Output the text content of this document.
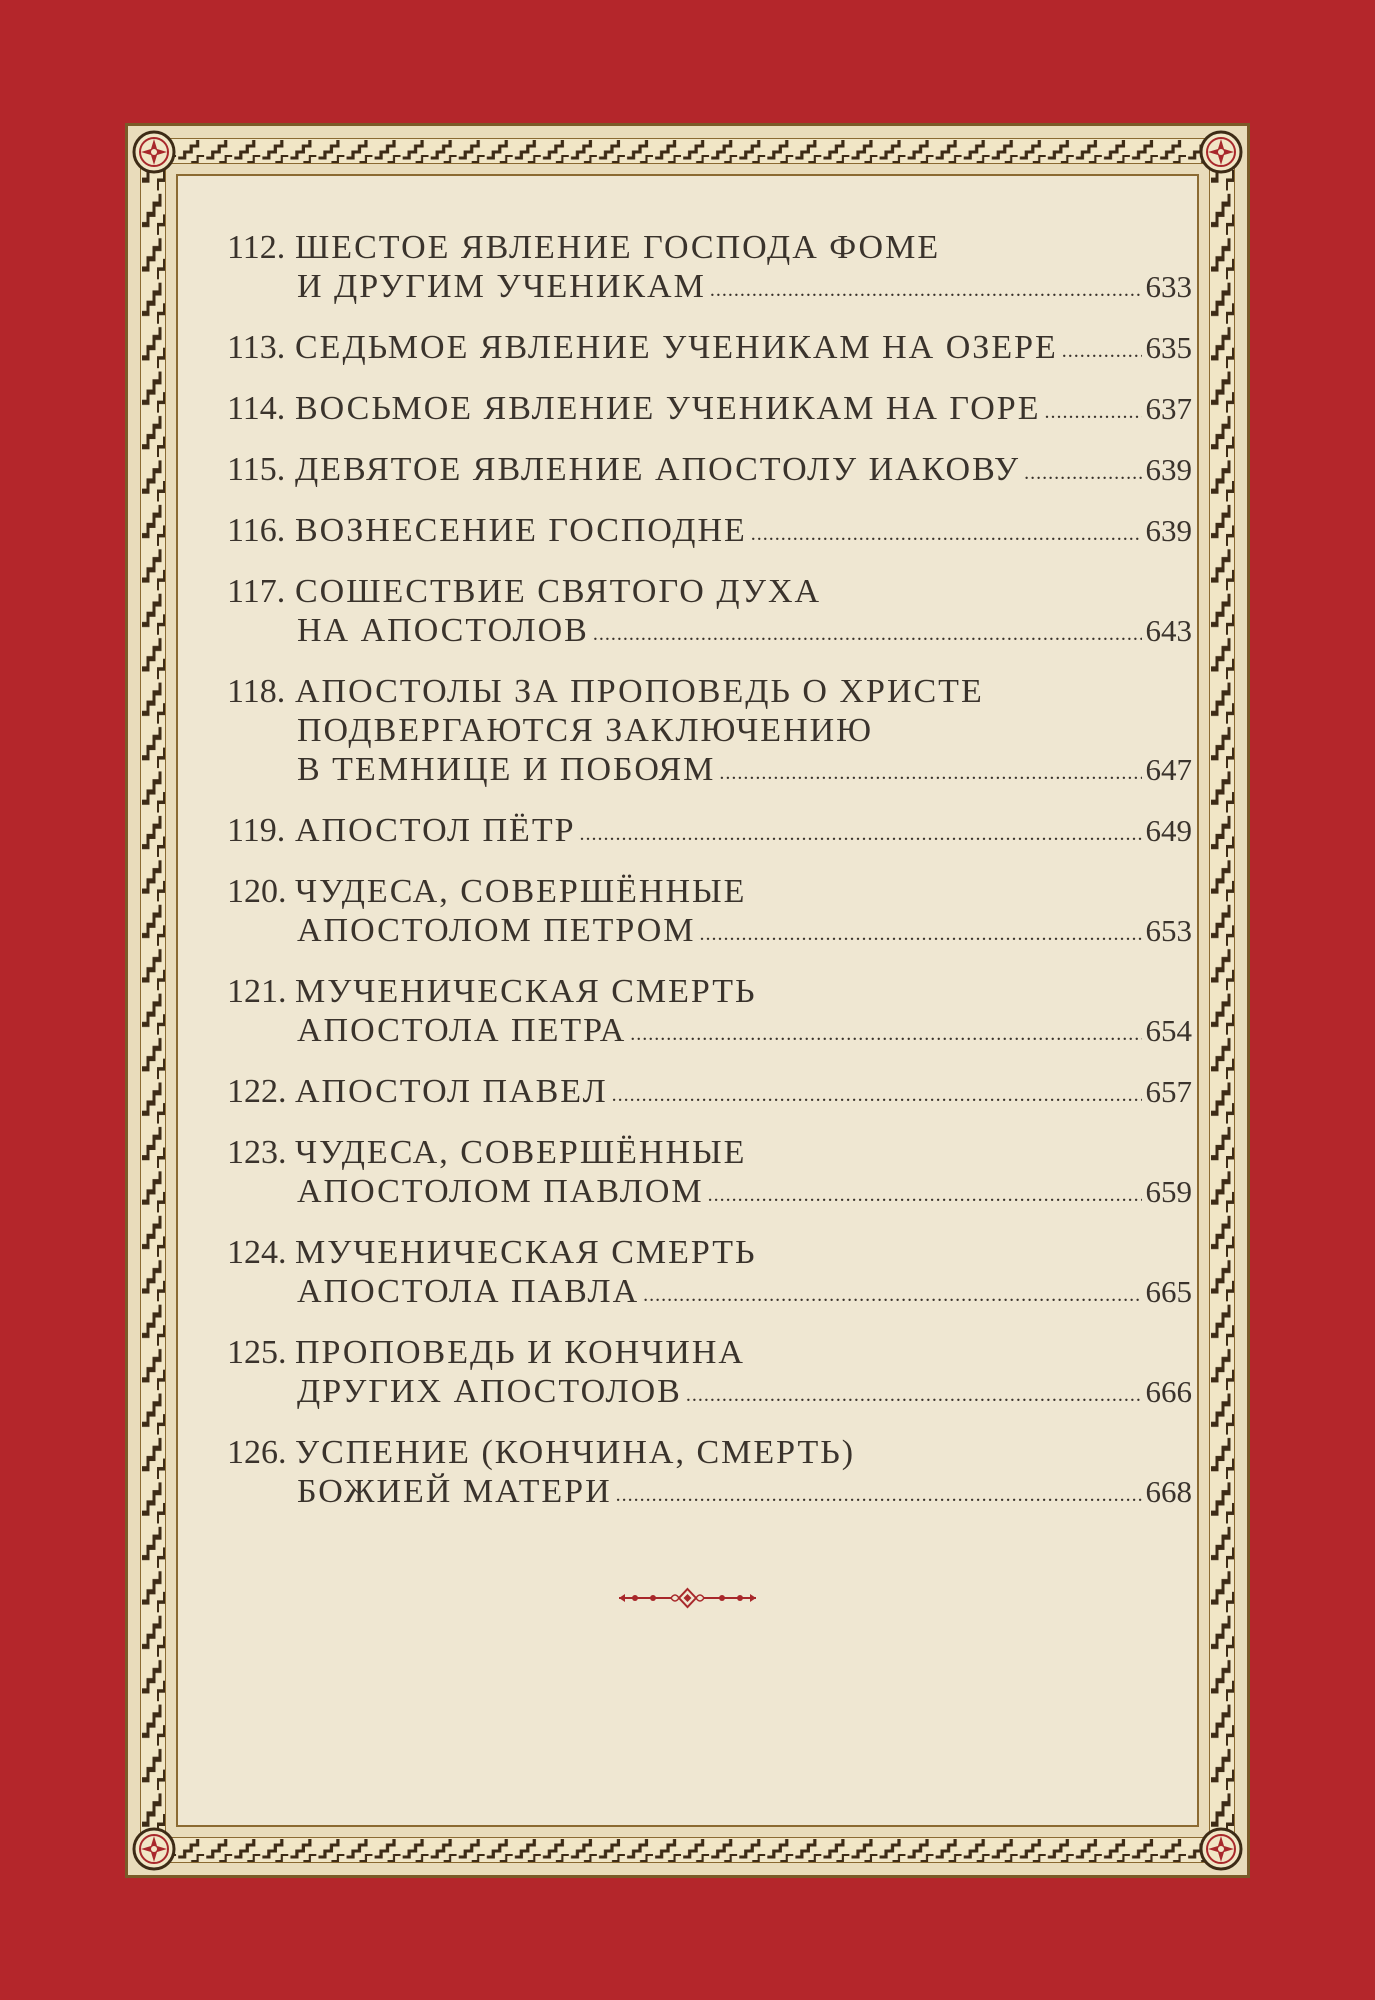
112. ШЕСТОЕ ЯВЛЕНИЕ ГОСПОДА ФОМЕ
И ДРУГИМ УЧЕНИКАМ .....	633
113. СЕДЬМОЕ ЯВЛЕНИЕ УЧЕНИКАМ НА ОЗЕРЕ .....	635
114. ВОСЬМОЕ ЯВЛЕНИЕ УЧЕНИКАМ НА ГОРЕ .....	637
115. ДЕВЯТОЕ ЯВЛЕНИЕ АПОСТОЛУ ИАКОВУ .....	639
116. ВОЗНЕСЕНИЕ ГОСПОДНЕ .....	639
117. СОШЕСТВИЕ СВЯТОГО ДУХА
НА АПОСТОЛОВ .....	643
118. АПОСТОЛЫ ЗА ПРОПОВЕДЬ О ХРИСТЕ
ПОДВЕРГАЮТСЯ ЗАКЛЮЧЕНИЮ
В ТЕМНИЦЕ И ПОБОЯМ .....	647
119. АПОСТОЛ ПЁТР .....	649
120. ЧУДЕСА, СОВЕРШЁННЫЕ
АПОСТОЛОМ ПЕТРОМ .....	653
121. МУЧЕНИЧЕСКАЯ СМЕРТЬ
АПОСТОЛА ПЕТРА .....	654
122. АПОСТОЛ ПАВЕЛ .....	657
123. ЧУДЕСА, СОВЕРШЁННЫЕ
АПОСТОЛОМ ПАВЛОМ .....	659
124. МУЧЕНИЧЕСКАЯ СМЕРТЬ
АПОСТОЛА ПАВЛА .....	665
125. ПРОПОВЕДЬ И КОНЧИНА
ДРУГИХ АПОСТОЛОВ .....	666
126. УСПЕНИЕ (КОНЧИНА, СМЕРТЬ)
БОЖИЕЙ МАТЕРИ .....	668
